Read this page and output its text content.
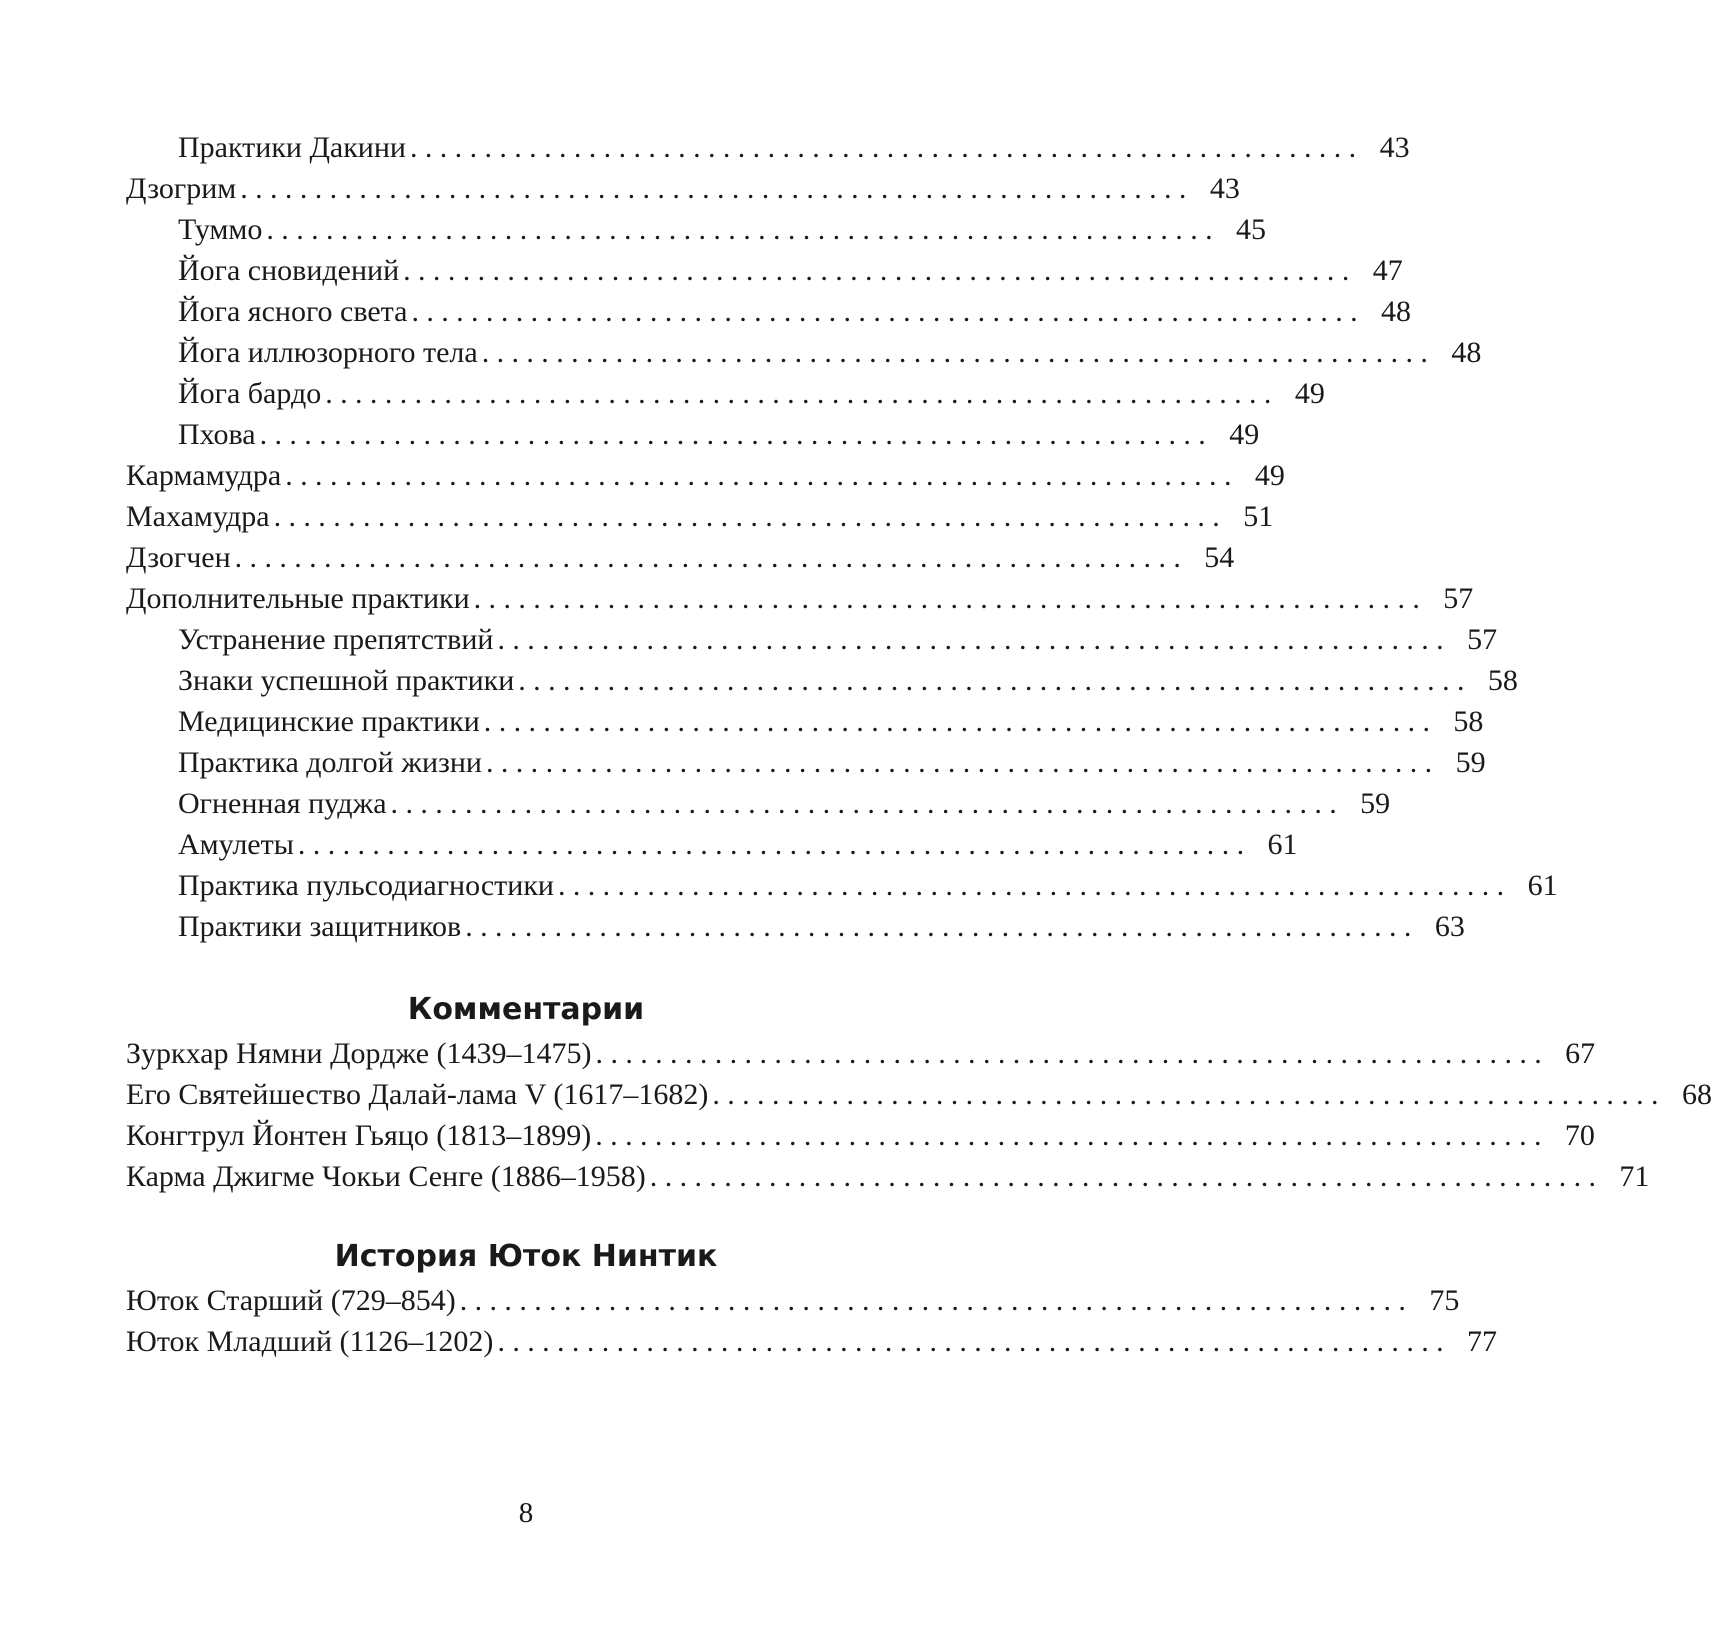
Практики Дакини ................................................................ 43
Дзогрим ................................................................ 43
Туммо ................................................................ 45
Йога сновидений ................................................................ 47
Йога ясного света ................................................................ 48
Йога иллюзорного тела ................................................................ 48
Йога бардо ................................................................ 49
Пхова ................................................................ 49
Кармамудра ................................................................ 49
Махамудра ................................................................ 51
Дзогчен ................................................................ 54
Дополнительные практики ................................................................ 57
Устранение препятствий ................................................................ 57
Знаки успешной практики ................................................................ 58
Медицинские практики ................................................................ 58
Практика долгой жизни ................................................................ 59
Огненная пуджа ................................................................ 59
Амулеты ................................................................ 61
Практика пульсодиагностики ................................................................ 61
Практики защитников ................................................................ 63
Комментарии
Зуркхар Нямни Дордже (1439–1475) ................................................................ 67
Его Святейшество Далай-лама V (1617–1682) ................................................................ 68
Конгтрул Йонтен Гьяцо (1813–1899) ................................................................ 70
Карма Джигме Чокьи Сенге (1886–1958) ................................................................ 71
История Юток Нинтик
Юток Старший (729–854) ................................................................ 75
Юток Младший (1126–1202) ................................................................ 77
8
